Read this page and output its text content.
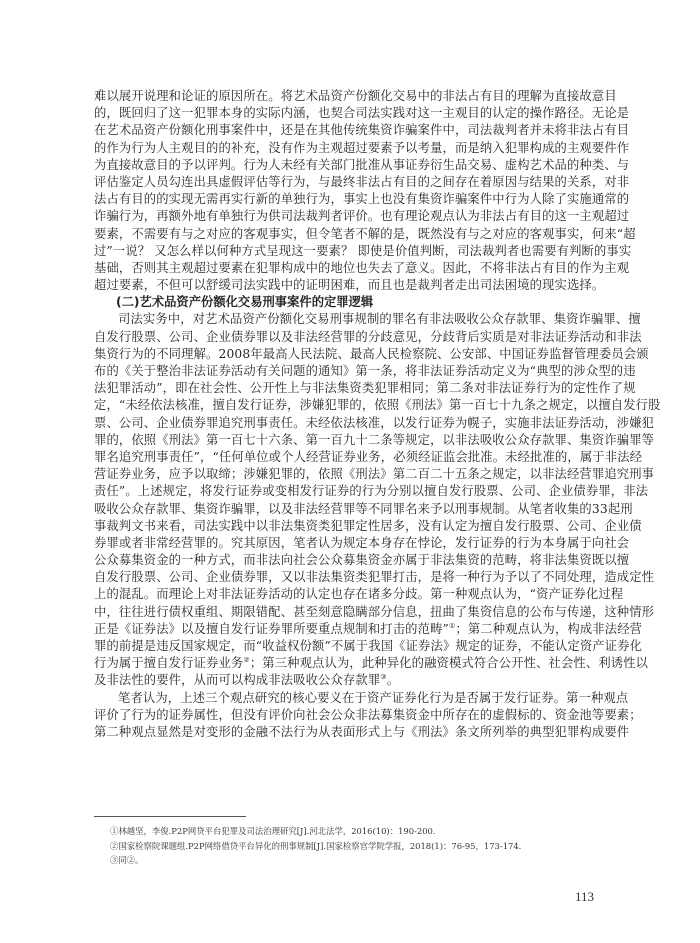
难以展开说理和论证的原因所在。将艺术品资产份额化交易中的非法占有目的理解为直接故意目
的，既回归了这一犯罪本身的实际内涵，也契合司法实践对这一主观目的认定的操作路径。无论是
在艺术品资产份额化刑事案件中，还是在其他传统集资诈骗案件中，司法裁判者并未将非法占有目
的作为行为人主观目的的补充，没有作为主观超过要素予以考量，而是纳入犯罪构成的主观要件作
为直接故意目的予以评判。行为人未经有关部门批准从事证券衍生品交易、虚构艺术品的种类、与
评估鉴定人员勾连出具虚假评估等行为，与最终非法占有目的之间存在着原因与结果的关系，对非
法占有目的的实现无需再实行新的单独行为，事实上也没有集资诈骗案件中行为人除了实施通常的
诈骗行为，再额外地有单独行为供司法裁判者评价。也有理论观点认为非法占有目的这一主观超过
要素，不需要有与之对应的客观事实，但令笔者不解的是，既然没有与之对应的客观事实，何来“超
过”一说？ 又怎么样以何种方式呈现这一要素？ 即使是价值判断，司法裁判者也需要有判断的事实
基础，否则其主观超过要素在犯罪构成中的地位也失去了意义。因此，不将非法占有目的作为主观
超过要素，不但可以舒缓司法实践中的证明困难，而且也是裁判者走出司法困境的现实选择。
(二)艺术品资产份额化交易刑事案件的定罪逻辑
司法实务中，对艺术品资产份额化交易刑事规制的罪名有非法吸收公众存款罪、集资诈骗罪、擅
自发行股票、公司、企业债券罪以及非法经营罪的分歧意见，分歧背后实质是对非法证券活动和非法
集资行为的不同理解。2008年最高人民法院、最高人民检察院、公安部、中国证券监督管理委员会颁
布的《关于整治非法证券活动有关问题的通知》第一条，将非法证券活动定义为“典型的涉众型的违
法犯罪活动”，即在社会性、公开性上与非法集资类犯罪相同；第二条对非法证券行为的定性作了规
定，“未经依法核准，擅自发行证券，涉嫌犯罪的，依照《刑法》第一百七十九条之规定，以擅自发行股
票、公司、企业债券罪追究刑事责任。未经依法核准，以发行证券为幌子，实施非法证券活动，涉嫌犯
罪的，依照《刑法》第一百七十六条、第一百九十二条等规定，以非法吸收公众存款罪、集资诈骗罪等
罪名追究刑事责任”，“任何单位或个人经营证券业务，必须经证监会批准。未经批准的，属于非法经
营证券业务，应予以取缔；涉嫌犯罪的，依照《刑法》第二百二十五条之规定，以非法经营罪追究刑事
责任”。上述规定，将发行证券或变相发行证券的行为分别以擅自发行股票、公司、企业债券罪，非法
吸收公众存款罪、集资诈骗罪，以及非法经营罪等不同罪名来予以刑事规制。从笔者收集的33起刑
事裁判文书来看，司法实践中以非法集资类犯罪定性居多，没有认定为擅自发行股票、公司、企业债
券罪或者非常经营罪的。究其原因，笔者认为规定本身存在悖论，发行证券的行为本身属于向社会
公众募集资金的一种方式，而非法向社会公众募集资金亦属于非法集资的范畴，将非法集资既以擅
自发行股票、公司、企业债券罪，又以非法集资类犯罪打击，是将一种行为予以了不同处理，造成定性
上的混乱。而理论上对非法证券活动的认定也存在诸多分歧。第一种观点认为，“资产证券化过程
中，往往进行债权重组、期限错配、甚至刻意隐瞒部分信息，扭曲了集资信息的公布与传递，这种情形
正是《证券法》以及擅自发行证券罪所要重点规制和打击的范畴”①；第二种观点认为，构成非法经营
罪的前提是违反国家规定，而“收益权份额”不属于我国《证券法》规定的证券，不能认定资产证券化
行为属于擅自发行证券业务②；第三种观点认为，此种异化的融资模式符合公开性、社会性、利诱性以
及非法性的要件，从而可以构成非法吸收公众存款罪③。
笔者认为，上述三个观点研究的核心要义在于资产证券化行为是否属于发行证券。第一种观点
评价了行为的证券属性，但没有评价向社会公众非法募集资金中所存在的虚假标的、资金池等要素；
第二种观点显然是对变形的金融不法行为从表面形式上与《刑法》条文所列举的典型犯罪构成要件
①林越坚，李俊.P2P网贷平台犯罪及司法治理研究[J].河北法学，2016(10)：190-200.
②国家检察院课题组.P2P网络借贷平台异化的刑事规制[J].国家检察官学院学报，2018(1)：76-95，173-174.
③同②。
113
